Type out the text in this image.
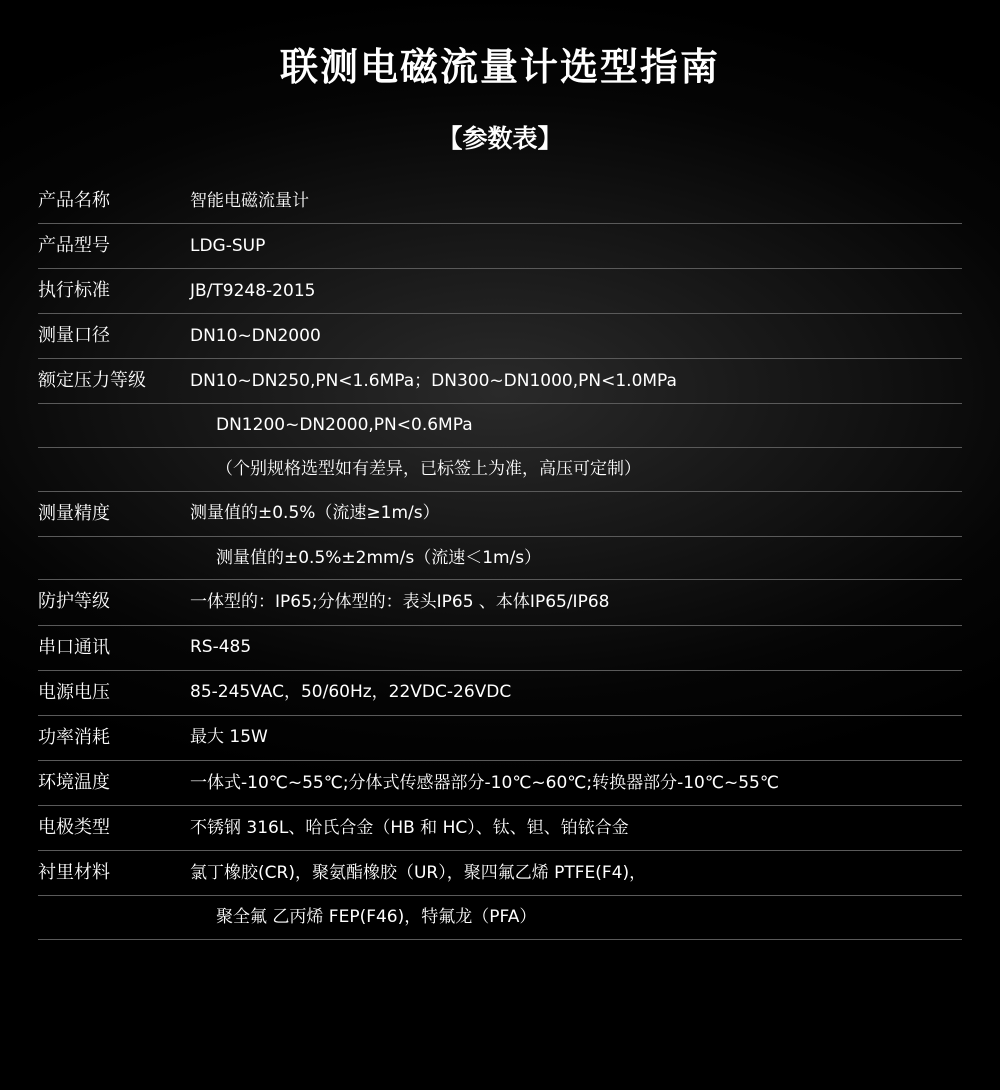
联测电磁流量计选型指南
【参数表】
产品名称	智能电磁流量计
产品型号	LDG-SUP
执行标准	JB/T9248-2015
测量口径	DN10~DN2000
额定压力等级	DN10~DN250,PN<1.6MPa；DN300~DN1000,PN<1.0MPa
	DN1200~DN2000,PN<0.6MPa
	（个别规格选型如有差异，已标签上为准，高压可定制）
测量精度	测量值的±0.5%（流速≥1m/s）
	测量值的±0.5%±2mm/s（流速＜1m/s）
防护等级	一体型的：IP65;分体型的：表头IP65 、本体IP65/IP68
串口通讯	RS-485
电源电压	85-245VAC，50/60Hz，22VDC-26VDC
功率消耗	最大 15W
环境温度	一体式-10℃~55℃;分体式传感器部分-10℃~60℃;转换器部分-10℃~55℃
电极类型	不锈钢 316L、哈氏合金（HB 和 HC）、钛、钽、铂铱合金
衬里材料	氯丁橡胶(CR)，聚氨酯橡胶（UR），聚四氟乙烯 PTFE(F4)，
	聚全氟 乙丙烯 FEP(F46)，特氟龙（PFA）
